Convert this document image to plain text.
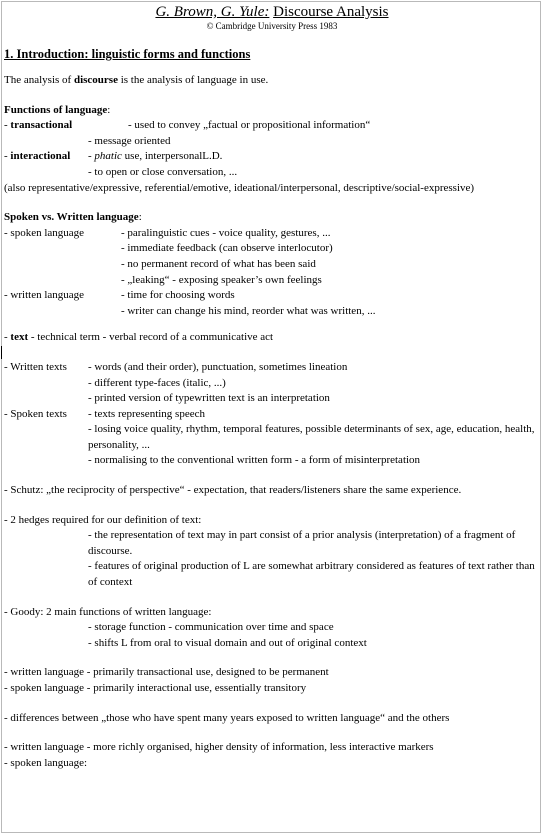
G. Brown, G. Yule: Discourse Analysis
© Cambridge University Press 1983
1. Introduction: linguistic forms and functions

The analysis of discourse is the analysis of language in use.

Functions of language:
- transactional	- used to convey „factual or propositional information“
- message oriented
- interactional	- phatic use, interpersonalL.D.
- to open or close conversation, ...
(also representative/expressive, referential/emotive, ideational/interpersonal, descriptive/social-expressive)
Spoken vs. Written language:
- spoken language	- paralinguistic cues - voice quality, gestures, ...
- immediate feedback (can observe interlocutor)
- no permanent record of what has been said
- „leaking“ - exposing speaker’s own feelings
- written language	- time for choosing words
- writer can change his mind, reorder what was written, ...
- text - technical term - verbal record of a communicative act
- Written texts	- words (and their order), punctuation, sometimes lineation
- different type-faces (italic, ...)
- printed version of typewritten text is an interpretation
- Spoken texts	- texts representing speech
- losing voice quality, rhythm, temporal features, possible determinants of sex, age, education, health, personality, ...
- normalising to the conventional written form - a form of misinterpretation
- Schutz: „the reciprocity of perspective“ - expectation, that readers/listeners share the same experience.
- 2 hedges required for our definition of text:
- the representation of text may in part consist of a prior analysis (interpretation) of a fragment of discourse.
- features of original production of L are somewhat arbitrary considered as features of text rather than of context
- Goody: 2 main functions of written language:
- storage function - communication over time and space
- shifts L from oral to visual domain and out of original context
- written language - primarily transactional use, designed to be permanent
- spoken language - primarily interactional use, essentially transitory
- differences between „those who have spent many years exposed to written language“ and the others
- written language - more richly organised, higher density of information, less interactive markers
- spoken language:
